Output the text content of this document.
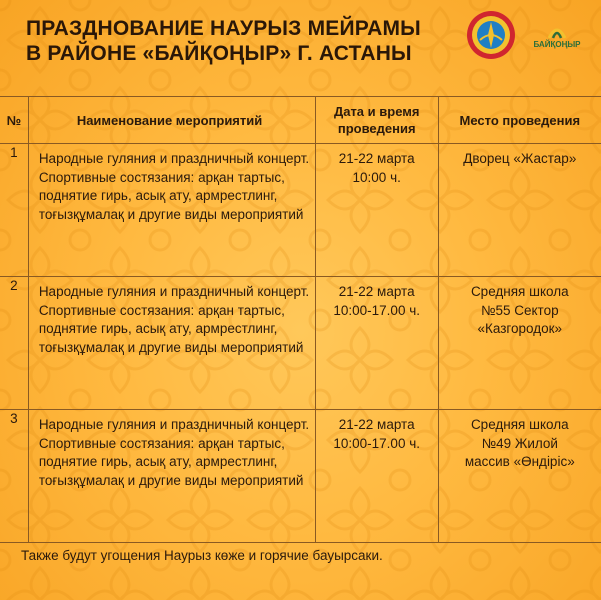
ПРАЗДНОВАНИЕ НАУРЫЗ МЕЙРАМЫ
В РАЙОНЕ «БАЙҚОҢЫР» Г. АСТАНЫ	БАЙҚОҢЫР
№	Наименование мероприятий	Дата и время проведения	Место проведения
1	Народные гуляния и праздничный концерт. Спортивные состязания: арқан тартыс, поднятие гирь, асық ату, армрестлинг, тоғызқұмалақ и другие виды мероприятий	21-22 марта 10:00 ч.	Дворец «Жастар»

2	Народные гуляния и праздничный концерт. Спортивные состязания: арқан тартыс, поднятие гирь, асық ату, армрестлинг, тоғызқұмалақ и другие виды мероприятий	21-22 марта 10:00-17.00 ч.	Средняя школа №55 Сектор «Казгородок»

3	Народные гуляния и праздничный концерт. Спортивные состязания: арқан тартыс, поднятие гирь, асық ату, армрестлинг, тоғызқұмалақ и другие виды мероприятий	21-22 марта 10:00-17.00 ч.	Средняя школа №49 Жилой массив «Өндіріс»
Также будут угощения Наурыз көже и горячие бауырсаки.
